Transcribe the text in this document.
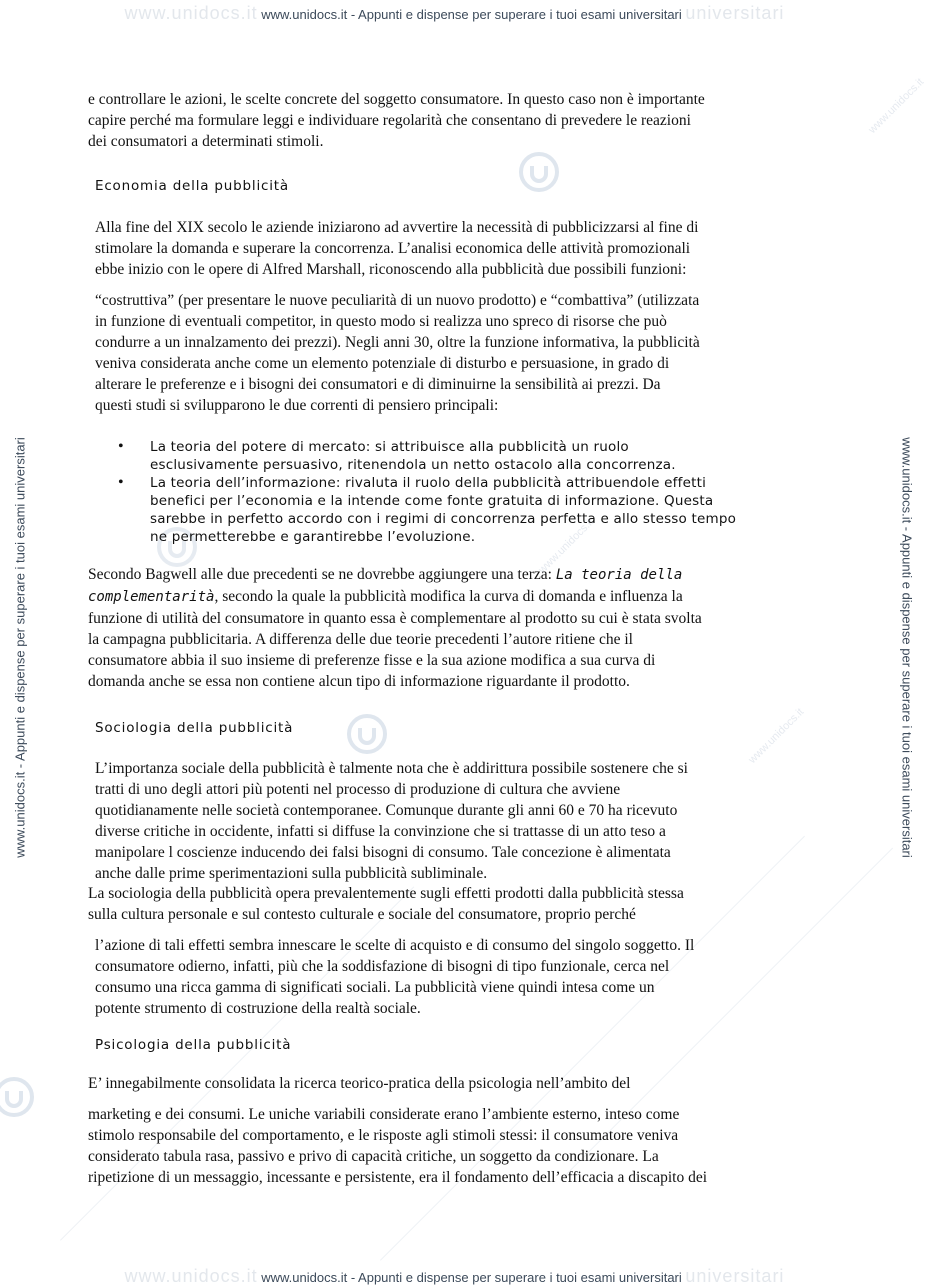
www.unidocs.it
www.unidocs.it
www.unidocs.it
www.unidocs.it www.unidocs.it - Appunti e dispense per superare i tuoi esami universitari universitari
www.unidocs.it www.unidocs.it - Appunti e dispense per superare i tuoi esami universitari universitari
www.unidocs.it - Appunti e dispense per superare i tuoi esami universitari	www.unidocs.it - Appunti e dispense per superare i tuoi esami universitari
e controllare le azioni, le scelte concrete del soggetto consumatore. In questo caso non è importante
capire perché ma formulare leggi e individuare regolarità che consentano di prevedere le reazioni
dei consumatori a determinati stimoli.
Economia della pubblicità
Alla fine del XIX secolo le aziende iniziarono ad avvertire la necessità di pubblicizzarsi al fine di
stimolare la domanda e superare la concorrenza. L’analisi economica delle attività promozionali
ebbe inizio con le opere di Alfred Marshall, riconoscendo alla pubblicità due possibili funzioni:
“costruttiva” (per presentare le nuove peculiarità di un nuovo prodotto) e “combattiva” (utilizzata
in funzione di eventuali competitor, in questo modo si realizza uno spreco di risorse che può
condurre a un innalzamento dei prezzi). Negli anni 30, oltre la funzione informativa, la pubblicità
veniva considerata anche come un elemento potenziale di disturbo e persuasione, in grado di
alterare le preferenze e i bisogni dei consumatori e di diminuirne la sensibilità ai prezzi. Da
questi studi si svilupparono le due correnti di pensiero principali:
• La teoria del potere di mercato: si attribuisce alla pubblicità un ruolo
esclusivamente persuasivo, ritenendola un netto ostacolo alla concorrenza.
• La teoria dell’informazione: rivaluta il ruolo della pubblicità attribuendole effetti
benefici per l’economia e la intende come fonte gratuita di informazione. Questa
sarebbe in perfetto accordo con i regimi di concorrenza perfetta e allo stesso tempo
ne permetterebbe e garantirebbe l’evoluzione.
Secondo Bagwell alle due precedenti se ne dovrebbe aggiungere una terza: La teoria della
complementarità, secondo la quale la pubblicità modifica la curva di domanda e influenza la
funzione di utilità del consumatore in quanto essa è complementare al prodotto su cui è stata svolta
la campagna pubblicitaria. A differenza delle due teorie precedenti l’autore ritiene che il
consumatore abbia il suo insieme di preferenze fisse e la sua azione modifica a sua curva di
domanda anche se essa non contiene alcun tipo di informazione riguardante il prodotto.
Sociologia della pubblicità
L’importanza sociale della pubblicità è talmente nota che è addirittura possibile sostenere che si
tratti di uno degli attori più potenti nel processo di produzione di cultura che avviene
quotidianamente nelle società contemporanee. Comunque durante gli anni 60 e 70 ha ricevuto
diverse critiche in occidente, infatti si diffuse la convinzione che si trattasse di un atto teso a
manipolare l coscienze inducendo dei falsi bisogni di consumo. Tale concezione è alimentata
anche dalle prime sperimentazioni sulla pubblicità subliminale.
La sociologia della pubblicità opera prevalentemente sugli effetti prodotti dalla pubblicità stessa
sulla cultura personale e sul contesto culturale e sociale del consumatore, proprio perché
l’azione di tali effetti sembra innescare le scelte di acquisto e di consumo del singolo soggetto. Il
consumatore odierno, infatti, più che la soddisfazione di bisogni di tipo funzionale, cerca nel
consumo una ricca gamma di significati sociali. La pubblicità viene quindi intesa come un
potente strumento di costruzione della realtà sociale.
Psicologia della pubblicità
E’ innegabilmente consolidata la ricerca teorico-pratica della psicologia nell’ambito del
marketing e dei consumi. Le uniche variabili considerate erano l’ambiente esterno, inteso come
stimolo responsabile del comportamento, e le risposte agli stimoli stessi: il consumatore veniva
considerato tabula rasa, passivo e privo di capacità critiche, un soggetto da condizionare. La
ripetizione di un messaggio, incessante e persistente, era il fondamento dell’efficacia a discapito dei
